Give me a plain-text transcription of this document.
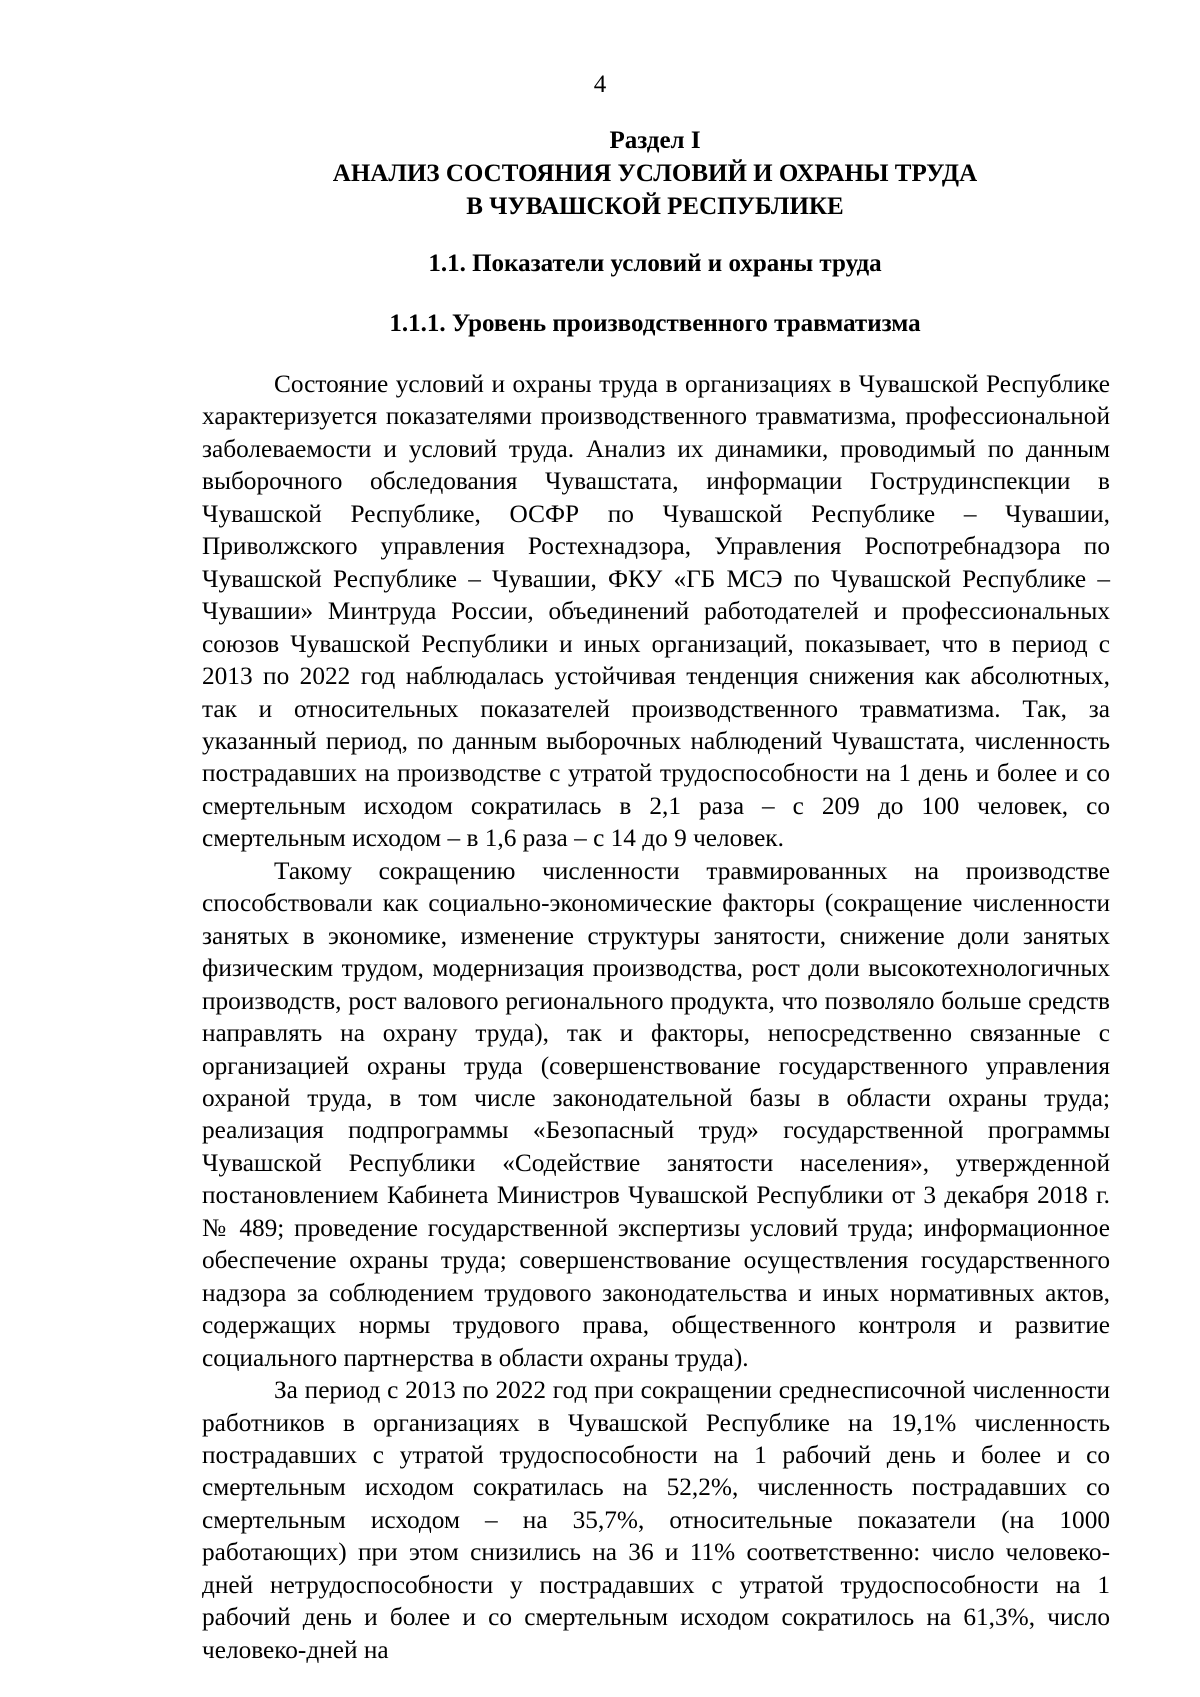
4
Раздел I
АНАЛИЗ СОСТОЯНИЯ УСЛОВИЙ И ОХРАНЫ ТРУДА
В ЧУВАШСКОЙ РЕСПУБЛИКЕ
1.1. Показатели условий и охраны труда
1.1.1. Уровень производственного травматизма

Состояние условий и охраны труда в организациях в Чувашской Республике характеризуется показателями производственного травматизма, профессиональной заболеваемости и условий труда. Анализ их динамики, проводимый по данным выборочного обследования Чувашстата, информации Гострудинспекции в Чувашской Республике, ОСФР по Чувашской Республике – Чувашии, Приволжского управления Ростехнадзора, Управления Роспотребнадзора по Чувашской Республике – Чувашии, ФКУ «ГБ МСЭ по Чувашской Республике – Чувашии» Минтруда России, объединений работодателей и профессиональных союзов Чувашской Республики и иных организаций, показывает, что в период с 2013 по 2022 год наблюдалась устойчивая тенденция снижения как абсолютных, так и относительных показателей производственного травматизма. Так, за указанный период, по данным выборочных наблюдений Чувашстата, численность пострадавших на производстве с утратой трудоспособности на 1 день и более и со смертельным исходом сократилась в 2,1 раза – с 209 до 100 человек, со смертельным исходом – в 1,6 раза – с 14 до 9 человек.

Такому сокращению численности травмированных на производстве способствовали как социально-экономические факторы (сокращение численности занятых в экономике, изменение структуры занятости, снижение доли занятых физическим трудом, модернизация производства, рост доли высокотехнологичных производств, рост валового регионального продукта, что позволяло больше средств направлять на охрану труда), так и факторы, непосредственно связанные с организацией охраны труда (совершенствование государственного управления охраной труда, в том числе законодательной базы в области охраны труда; реализация подпрограммы «Безопасный труд» государственной программы Чувашской Республики «Содействие занятости населения», утвержденной постановлением Кабинета Министров Чувашской Республики от 3 декабря 2018 г. № 489; проведение государственной экспертизы условий труда; информационное обеспечение охраны труда; совершенствование осуществления государственного надзора за соблюдением трудового законодательства и иных нормативных актов, содержащих нормы трудового права, общественного контроля и развитие социального партнерства в области охраны труда).

За период с 2013 по 2022 год при сокращении среднесписочной численности работников в организациях в Чувашской Республике на 19,1% численность пострадавших с утратой трудоспособности на 1 рабочий день и более и со смертельным исходом сократилась на 52,2%, численность пострадавших со смертельным исходом – на 35,7%, относительные показатели (на 1000 работающих) при этом снизились на 36 и 11% соответственно: число человеко-дней нетрудоспособности у пострадавших с утратой трудоспособности на 1 рабочий день и более и со смертельным исходом сократилось на 61,3%, число человеко-дней на
